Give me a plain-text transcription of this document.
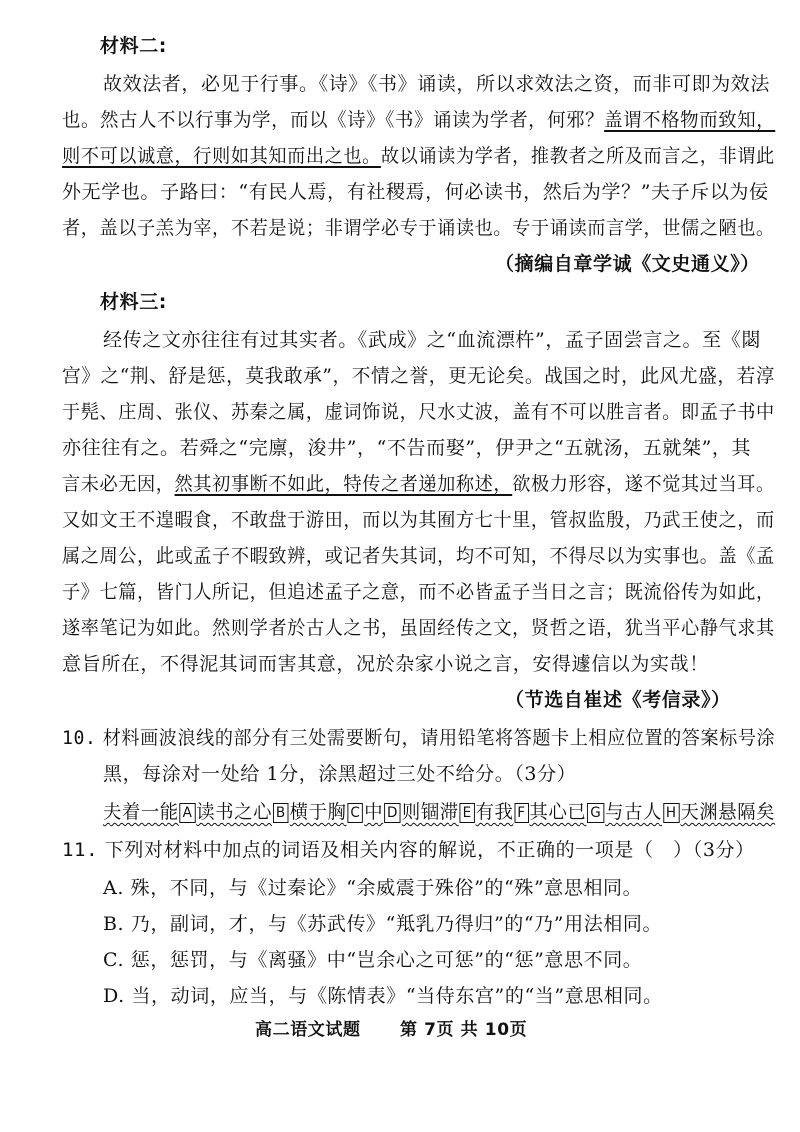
材料二:
故效法者，必见于行事。《诗》《书》诵读，所以求效法之资，而非可即为效法
也。然古人不以行事为学，而以《诗》《书》诵读为学者，何邪？盖谓不格物而致知，
则不可以诚意，行则如其知而出之也。故以诵读为学者，推教者之所及而言之，非谓此
外无学也。子路曰：“有民人焉，有社稷焉，何必读书，然后为学？”夫子斥以为佞
者，盖以子羔为宰，不若是说；非谓学必专于诵读也。专于诵读而言学，世儒之陋也。
（摘编自章学诚《文史通义》）
材料三:
经传之文亦往往有过其实者。《武成》之“血流漂杵”，孟子固尝言之。至《閟
宫》之“荆、舒是惩，莫我敢承”，不情之誉，更无论矣。战国之时，此风尤盛，若淳
于髡、庄周、张仪、苏秦之属，虚词饰说，尺水丈波，盖有不可以胜言者。即孟子书中
亦往往有之。若舜之“完廪，浚井”，“不告而娶”，伊尹之“五就汤，五就桀”，其
言未必无因，然其初事断不如此，特传之者递加称述，欲极力形容，遂不觉其过当耳。
又如文王不遑暇食，不敢盘于游田，而以为其囿方七十里，管叔监殷，乃武王使之，而
属之周公，此或孟子不暇致辨，或记者失其词，均不可知，不得尽以为实事也。盖《孟
子》七篇，皆门人所记，但追述孟子之意，而不必皆孟子当日之言；既流俗传为如此，
遂率笔记为如此。然则学者於古人之书，虽固经传之文，贤哲之语，犹当平心静气求其
意旨所在，不得泥其词而害其意，况於杂家小说之言，安得遽信以为实哉！
（节选自崔述《考信录》）
10. 材料画波浪线的部分有三处需要断句，请用铅笔将答题卡上相应位置的答案标号涂
黑，每涂对一处给 1分，涂黑超过三处不给分。（3分）
夫着一能 A 读书之心 B 横于胸 C 中 D 则锢滞 E 有我 F 其心已 G 与古人 H 天渊悬隔矣
11. 下列对材料中加点的词语及相关内容的解说，不正确的一项是（　）（3分）
A. 殊，不同，与《过秦论》“余威震于殊俗”的“殊”意思相同。
B. 乃，副词，才，与《苏武传》“羝乳乃得归”的“乃”用法相同。
C. 惩，惩罚，与《离骚》中“岂余心之可惩”的“惩”意思不同。
D. 当，动词，应当，与《陈情表》“当侍东宫”的“当”意思相同。
高二语文试题 第 7页 共 10页
